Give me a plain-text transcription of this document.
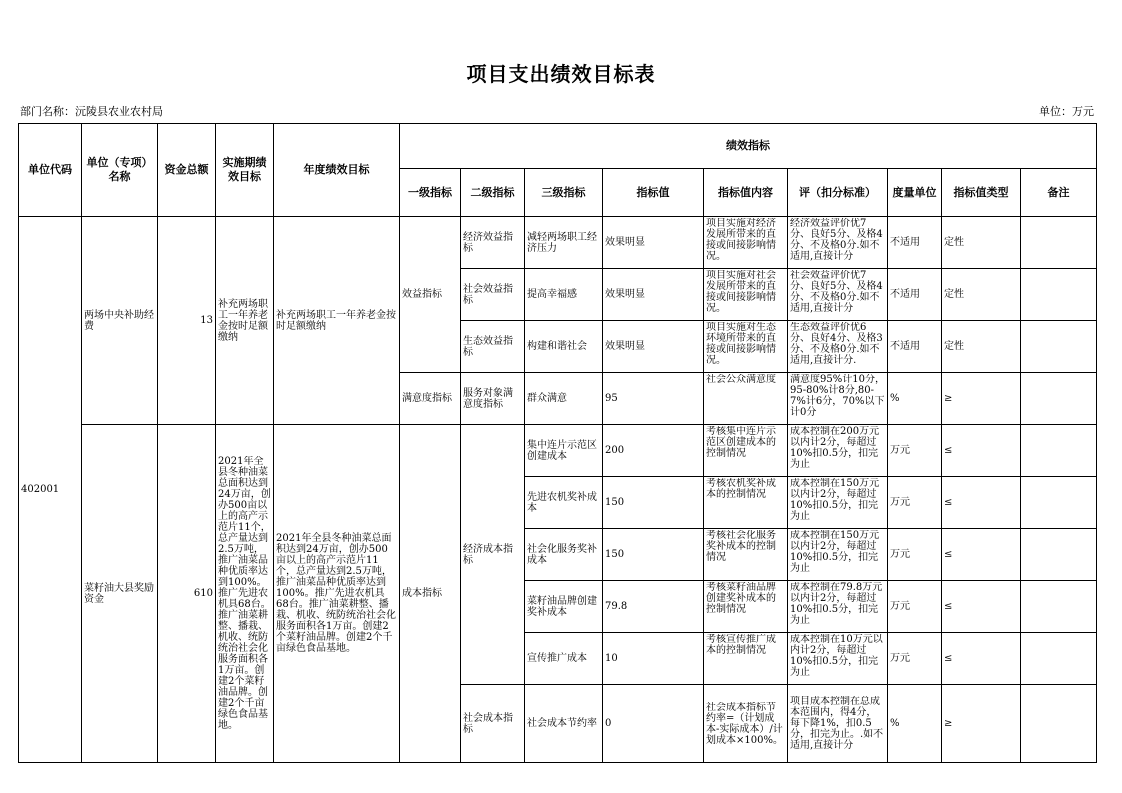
项目支出绩效目标表
部门名称：沅陵县农业农村局	单位：万元
单位代码	单位（专项）名称	资金总额	实施期绩效目标	年度绩效目标	绩效指标								
					一级指标	二级指标	三级指标	指标值	指标值内容	评（扣分标准）	度量单位	指标值类型	备注
402001	两场中央补助经费	13	补充两场职工一年养老金按时足额缴纳	补充两场职工一年养老金按时足额缴纳	效益指标	经济效益指标	减轻两场职工经济压力	效果明显	项目实施对经济发展所带来的直接或间接影响情况。	经济效益评价优7分、良好5分、及格4分、不及格0分.如不适用,直接计分	不适用	定性	
						社会效益指标	提高幸福感	效果明显	项目实施对社会发展所带来的直接或间接影响情况。	社会效益评价优7分、良好5分、及格4分、不及格0分.如不适用,直接计分	不适用	定性	
						生态效益指标	构建和谐社会	效果明显	项目实施对生态环境所带来的直接或间接影响情况。	生态效益评价优6分、良好4分、及格3分、不及格0分.如不适用,直接计分.	不适用	定性	
					满意度指标	服务对象满意度指标	群众满意	95	社会公众满意度	满意度95%计10分，95-80%计8分,80-7%计6分，70%以下计0分	%	≥	
	菜籽油大县奖励资金	610	2021年全县冬种油菜总面积达到24万亩，创办500亩以上的高产示范片11个，总产量达到2.5万吨，推广油菜品种优质率达到100%。推广先进农机具68台。推广油菜耕整、播栽、机收、统防统治社会化服务面积各1万亩。创建2个菜籽油品牌。创建2个千亩绿色食品基地。	2021年全县冬种油菜总面积达到24万亩，创办500亩以上的高产示范片11个，总产量达到2.5万吨，推广油菜品种优质率达到100%。推广先进农机具68台。推广油菜耕整、播栽、机收、统防统治社会化服务面积各1万亩。创建2个菜籽油品牌。创建2个千亩绿色食品基地。	成本指标	经济成本指标	集中连片示范区创建成本	200	考核集中连片示范区创建成本的控制情况	成本控制在200万元以内计2分，每超过10%扣0.5分，扣完为止	万元	≤	
							先进农机奖补成本	150	考核农机奖补成本的控制情况	成本控制在150万元以内计2分，每超过10%扣0.5分，扣完为止	万元	≤	
							社会化服务奖补成本	150	考核社会化服务奖补成本的控制情况	成本控制在150万元以内计2分，每超过10%扣0.5分，扣完为止	万元	≤	
							菜籽油品牌创建奖补成本	79.8	考核菜籽油品牌创建奖补成本的控制情况	成本控制在79.8万元以内计2分，每超过10%扣0.5分，扣完为止	万元	≤	
							宣传推广成本	10	考核宣传推广成本的控制情况	成本控制在10万元以内计2分，每超过10%扣0.5分，扣完为止	万元	≤	
						社会成本指标	社会成本节约率	0	社会成本指标节约率=（计划成本-实际成本）/计划成本×100%。	项目成本控制在总成本范围内，得4分，每下降1%，扣0.5分，扣完为止。.如不适用,直接计分	%	≥	
